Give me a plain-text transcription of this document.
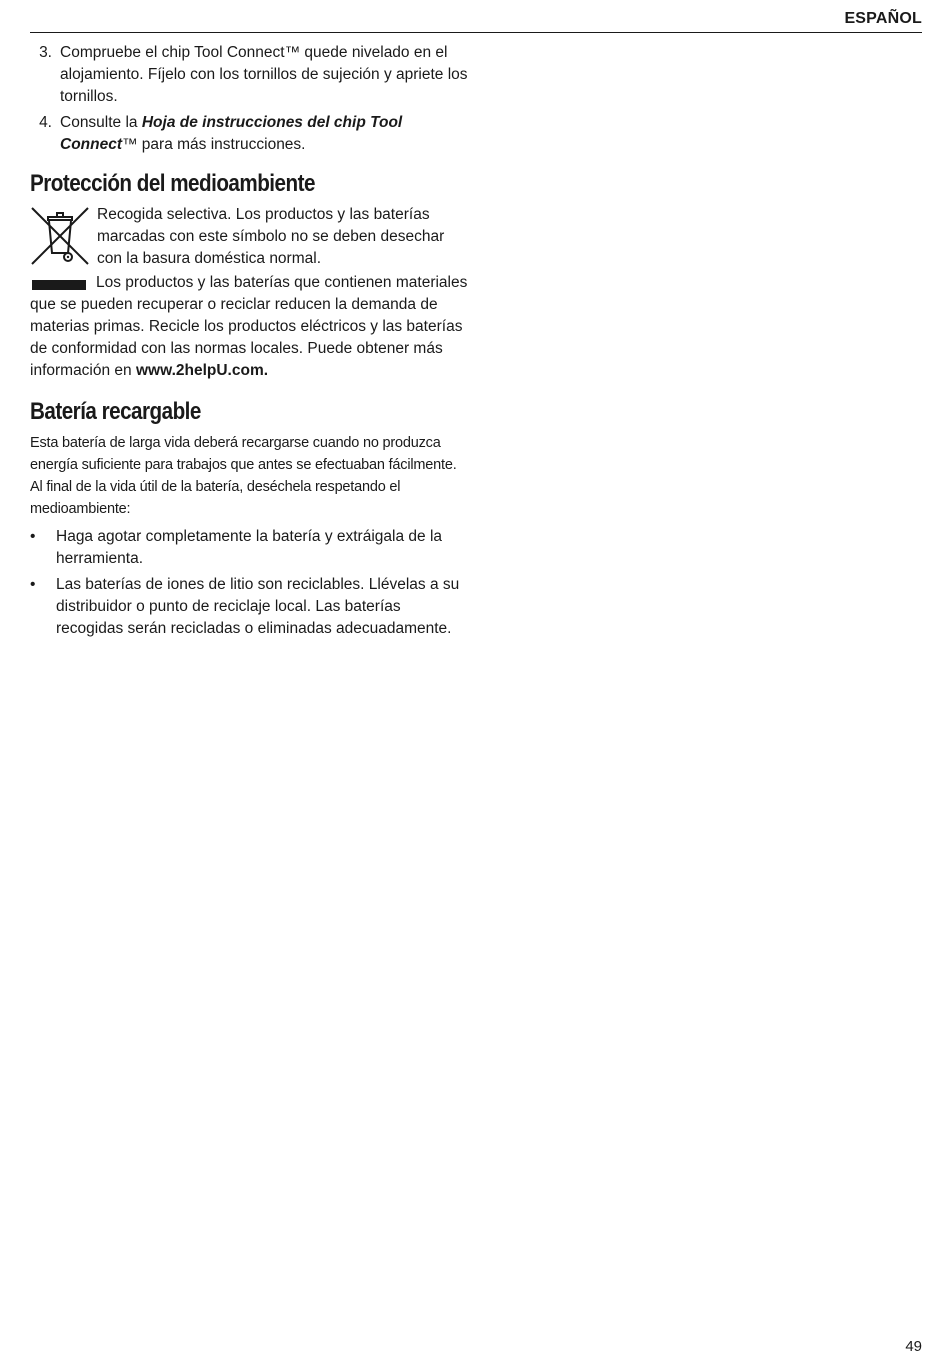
ESPAÑOL
3. Compruebe el chip Tool Connect™ quede nivelado en el alojamiento. Fíjelo con los tornillos de sujeción y apriete los tornillos.
4. Consulte la Hoja de instrucciones del chip Tool Connect™ para más instrucciones.
Protección del medioambiente

Recogida selectiva. Los productos y las baterías marcadas con este símbolo no se deben desechar con la basura doméstica normal.

Los productos y las baterías que contienen materiales que se pueden recuperar o reciclar reducen la demanda de materias primas. Recicle los productos eléctricos y las baterías de conformidad con las normas locales. Puede obtener más información en www.2helpU.com.

Batería recargable

Esta batería de larga vida deberá recargarse cuando no produzca energía suficiente para trabajos que antes se efectuaban fácilmente. Al final de la vida útil de la batería, deséchela respetando el medioambiente:

•	Haga agotar completamente la batería y extráigala de la herramienta.
•	Las baterías de iones de litio son reciclables. Llévelas a su distribuidor o punto de reciclaje local. Las baterías recogidas serán recicladas o eliminadas adecuadamente.
49
